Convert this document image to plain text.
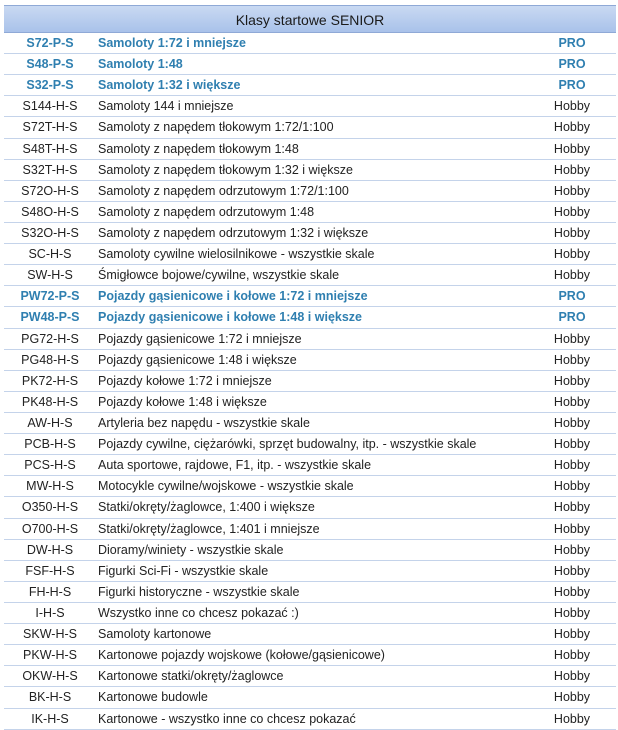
Klasy startowe SENIOR
S72-P-S	Samoloty 1:72 i mniejsze	PRO
S48-P-S	Samoloty 1:48	PRO
S32-P-S	Samoloty 1:32 i większe	PRO
S144-H-S	Samoloty 144 i mniejsze	Hobby
S72T-H-S	Samoloty z napędem tłokowym 1:72/1:100	Hobby
S48T-H-S	Samoloty z napędem tłokowym 1:48	Hobby
S32T-H-S	Samoloty z napędem tłokowym 1:32 i większe	Hobby
S72O-H-S	Samoloty z napędem odrzutowym 1:72/1:100	Hobby
S48O-H-S	Samoloty z napędem odrzutowym 1:48	Hobby
S32O-H-S	Samoloty z napędem odrzutowym 1:32 i większe	Hobby
SC-H-S	Samoloty cywilne wielosilnikowe - wszystkie skale	Hobby
SW-H-S	Śmigłowce bojowe/cywilne, wszystkie skale	Hobby
PW72-P-S	Pojazdy gąsienicowe i kołowe 1:72 i mniejsze	PRO
PW48-P-S	Pojazdy gąsienicowe i kołowe 1:48 i większe	PRO
PG72-H-S	Pojazdy gąsienicowe 1:72 i mniejsze	Hobby
PG48-H-S	Pojazdy gąsienicowe 1:48 i większe	Hobby
PK72-H-S	Pojazdy kołowe 1:72 i mniejsze	Hobby
PK48-H-S	Pojazdy kołowe 1:48 i większe	Hobby
AW-H-S	Artyleria bez napędu - wszystkie skale	Hobby
PCB-H-S	Pojazdy cywilne, ciężarówki, sprzęt budowalny, itp. - wszystkie skale	Hobby
PCS-H-S	Auta sportowe, rajdowe, F1, itp. - wszystkie skale	Hobby
MW-H-S	Motocykle cywilne/wojskowe - wszystkie skale	Hobby
O350-H-S	Statki/okręty/żaglowce, 1:400 i większe	Hobby
O700-H-S	Statki/okręty/żaglowce, 1:401 i mniejsze	Hobby
DW-H-S	Dioramy/winiety - wszystkie skale	Hobby
FSF-H-S	Figurki Sci-Fi - wszystkie skale	Hobby
FH-H-S	Figurki historyczne - wszystkie skale	Hobby
I-H-S	Wszystko inne co chcesz pokazać :)	Hobby
SKW-H-S	Samoloty kartonowe	Hobby
PKW-H-S	Kartonowe pojazdy wojskowe (kołowe/gąsienicowe)	Hobby
OKW-H-S	Kartonowe statki/okręty/żaglowce	Hobby
BK-H-S	Kartonowe budowle	Hobby
IK-H-S	Kartonowe - wszystko inne co chcesz pokazać	Hobby
